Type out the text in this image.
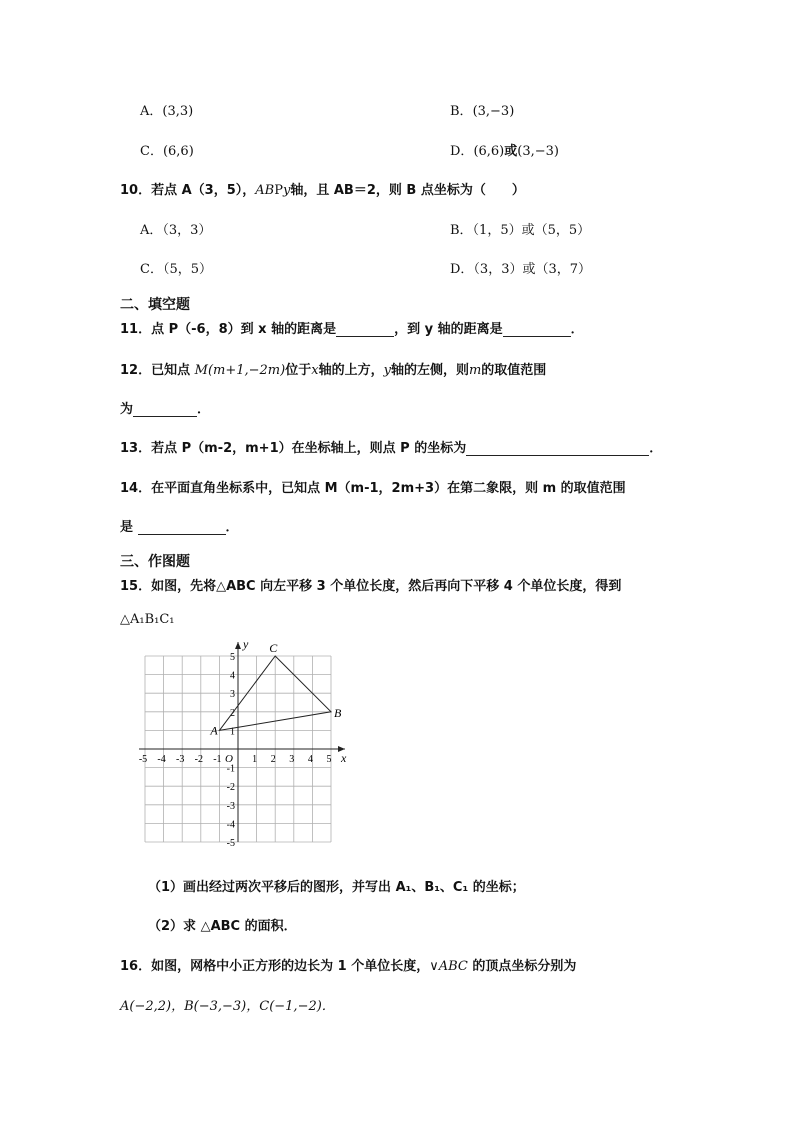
A．(3,3)	B．(3,−3)
C．(6,6)	D．(6,6)或(3,−3)
10．若点 A（3，5），ABPy轴，且 AB＝2，则 B 点坐标为（　　）
A．（3，3）	B．（1，5）或（5，5）
C．（5，5）	D．（3，3）或（3，7）
二、填空题
11．点 P（-6，8）到 x 轴的距离是	，到 y 轴的距离是	．
12．已知点 M(m+1,−2m)位于x轴的上方，y轴的左侧，则m的取值范围
为	．
13．若点 P（m-2，m+1）在坐标轴上，则点 P 的坐标为	．
14．在平面直角坐标系中，已知点 M（m-1，2m+3）在第二象限，则 m 的取值范围
是	．
三、作图题
15．如图，先将△ABC 向左平移 3 个单位长度，然后再向下平移 4 个单位长度，得到
△A₁B₁C₁
x
y
O
-5 -4 -3 -2 -1	1 2 3 4 5
5
4
3
2
1
-1
-2
-3
-4
-5
A
B
C
（1）画出经过两次平移后的图形，并写出 A₁、B₁、C₁ 的坐标；
（2）求 △ABC 的面积．
16．如图，网格中小正方形的边长为 1 个单位长度，∨ABC 的顶点坐标分别为
A(−2,2)，B(−3,−3)，C(−1,−2)．
